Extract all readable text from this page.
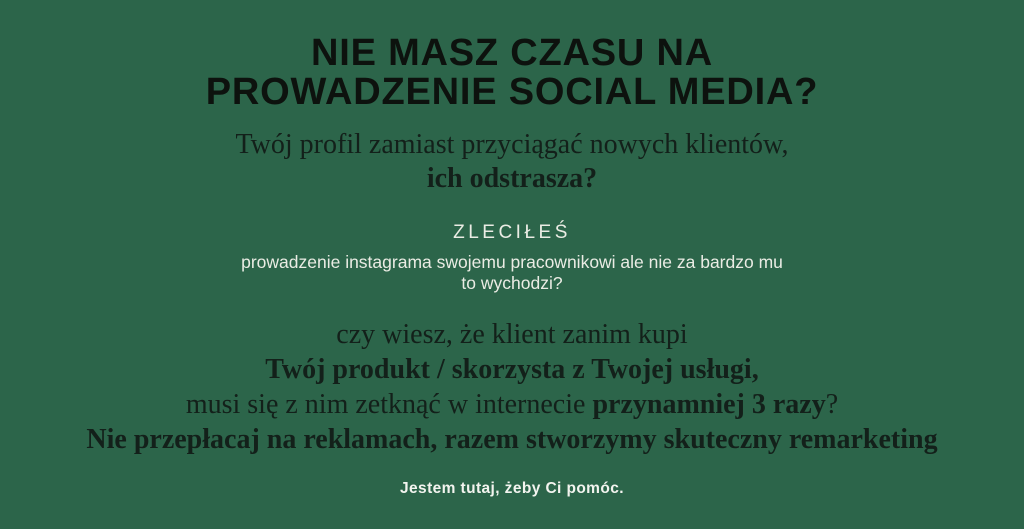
NIE MASZ CZASU NA
PROWADZENIE SOCIAL MEDIA?
Twój profil zamiast przyciągać nowych klientów,
ich odstrasza?
ZLECIŁEŚ
prowadzenie instagrama swojemu pracownikowi ale nie za bardzo mu
to wychodzi?
czy wiesz, że klient zanim kupi
Twój produkt / skorzysta z Twojej usługi,
musi się z nim zetknąć w internecie przynamniej 3 razy?
Nie przepłacaj na reklamach, razem stworzymy skuteczny remarketing
Jestem tutaj, żeby Ci pomóc.
